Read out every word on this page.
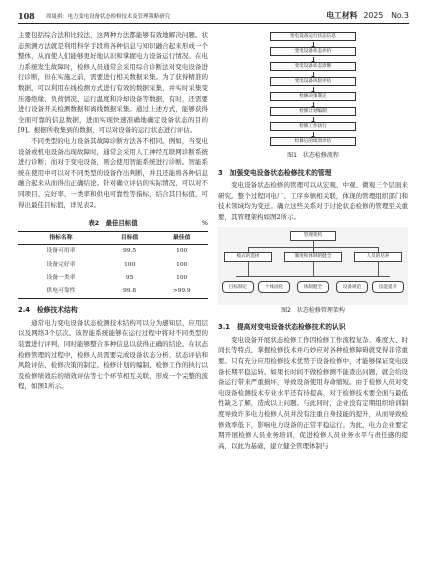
108 周晟祺：电力变电设备状态检修技术及管理策略研究	电工材料 2025　No.3

主要包括综合法和比较法，这两种方法都能够有效地解决问题。状态预测方法就是利用科学手段将各种信息与知识融合起来形成一个整体，从而使人们能够更好地认识和掌握电力设备运行情况。在电力系统发生故障时，检修人员通常会采用综合诊断法对变电设备进行诊断，但在实施之前，需要进行相关数据采集。为了获得精准的数据，可以利用在线检测方式进行有效的数据采集，并实时采集变压器绝缘、负荷情况、运行温度和冷却设备等数据，有时，还需要进行设备开关检测数据和离线数据采集。通过上述方式，能够获得全面可靠的信息数据，进而实现快速准确地确定设备状态的目的[9]。根据所收集到的数据，可以对设备的运行状态进行评估。

不同类型的电力设备其故障诊断方法各不相同。例如，当变电设备或机电设备出现故障时，通常会采用人工神经互联网诊断系统进行诊断；而对于变电设备，则会使用智能系统进行诊断。智能系统在使用中可以对不同类型的设备作出判断，并且还能将各种信息融合起来从而得出正确结论。针对确立评估的实际情况，可以对不同项目、完好率、一类率和供电可靠性等指标，结合其目标值，可得出最佳目标值，详见表2。

表2　最佳目标值	%
指标名称	目标值	最佳值
设备可用率	99.5	100
设备完好率	100	100
设备一类率	95	100
供电可靠性	99.8	>99.9
2.4　检修技术结构

通常电力变电设备状态检测技术结构可以分为感知层、应用层以及网络3个层次。该智能系统能够在运行过程中将对不同类型的装置进行评判，同时能够整合多种信息以获得正确的结论。在状态检修管理的过程中，检修人员需要完成设备状态分析、状态评估和风险评估，检修决策的制定、检修计划的编制、检修工作的执行以及检修绩效后的绩效评估等七个环节相互关联，形成一个完整的流程，如图1所示。

变电设备运行状态信息
变电设备状态评价
变电设备状态诊断
变电设备风险评估
检修决策制定
检修计划编制
检修工作执行
检修后的绩效评估
图1　状态检修流程
3　加强变电设备状态检修技术的管理

变电设备状态检修的管理可以从宏观、中观、微观三个层面来研究。整个过程同电厂、工序乡镇相关联，体现的管理组织部门和技术领域均为变迁。确立这些关系对于讨论状态检修的管理至关重要，其管理架构如图2所示。

管理架构
模式的选择	制度和体制的健全	人员的培养
目标制定	个体固化	体制健全	设备规范	技能提升
图2　状态检修管理架构
3.1　提高对变电设备状态检修技术的认识

变电设备开展状态检修工作因检修工作流程复杂、难度大、时间长等特点，掌握检修技术并巧妙应对各种检修障碍就变得非常重要。只有充分应用检修技术优势于设备检修中，才能够保证变电设备长期平稳运转。如果长时间不做检修测不能查出问题，就会给设备运行带来严重损坏，导致设备使用寿命缩短。由于检修人员对变电设备检测技术专业水平还有待提高，对于检修技术要全面与最低性缺乏了解，造成以上问题。与此同时，企业没有定期组织培训制度导致许多电力检修人员并没有注重自身技能的提升，从而导致检修效率低下，影响电力设备的正常平稳运行。为此，电力企业要定期开展检修人员业务培训，促进检修人员业务水平与责任感的提高，以此为基础，建立健全管理体制与
